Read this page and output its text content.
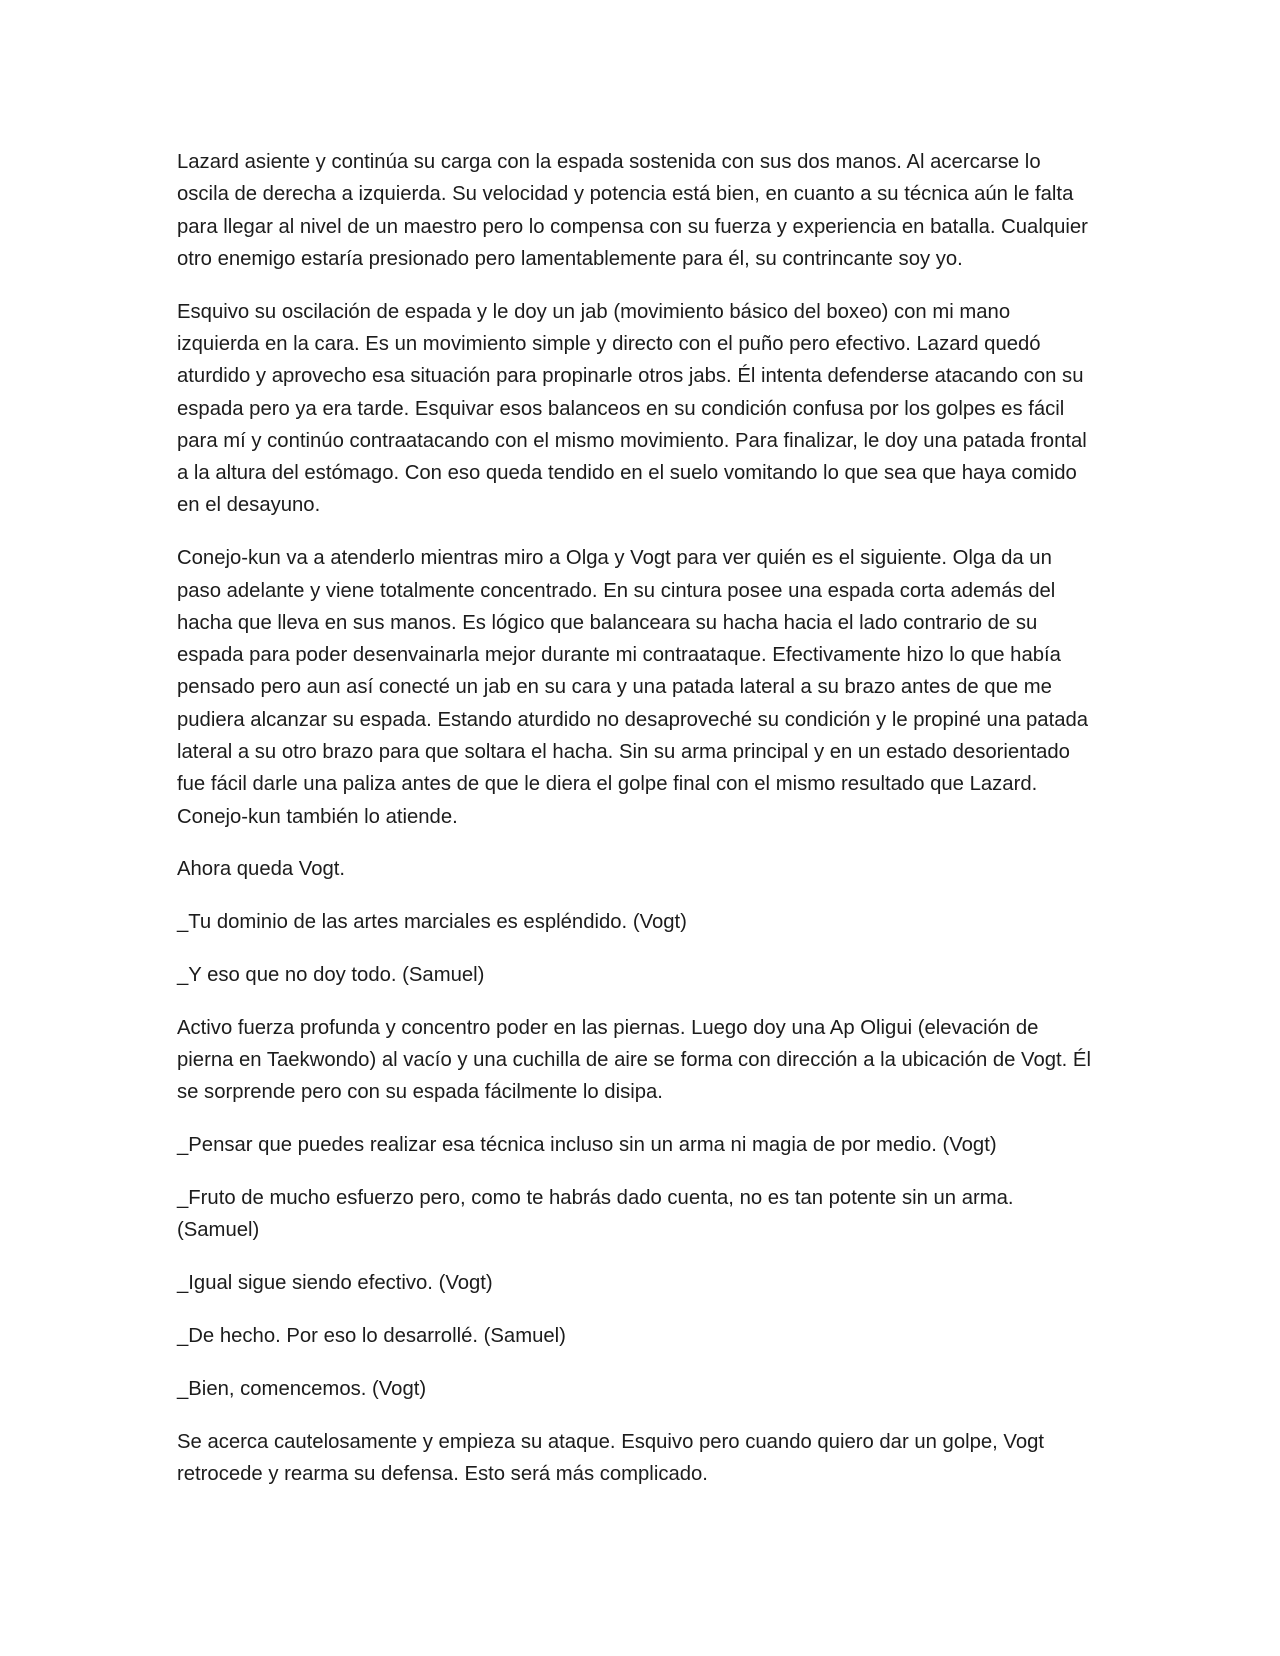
Lazard asiente y continúa su carga con la espada sostenida con sus dos manos. Al acercarse lo oscila de derecha a izquierda. Su velocidad y potencia está bien, en cuanto a su técnica aún le falta para llegar al nivel de un maestro pero lo compensa con su fuerza y experiencia en batalla. Cualquier otro enemigo estaría presionado pero lamentablemente para él, su contrincante soy yo.

Esquivo su oscilación de espada y le doy un jab (movimiento básico del boxeo) con mi mano izquierda en la cara. Es un movimiento simple y directo con el puño pero efectivo. Lazard quedó aturdido y aprovecho esa situación para propinarle otros jabs. Él intenta defenderse atacando con su espada pero ya era tarde. Esquivar esos balanceos en su condición confusa por los golpes es fácil para mí y continúo contraatacando con el mismo movimiento. Para finalizar, le doy una patada frontal a la altura del estómago. Con eso queda tendido en el suelo vomitando lo que sea que haya comido en el desayuno.

Conejo-kun va a atenderlo mientras miro a Olga y Vogt para ver quién es el siguiente. Olga da un paso adelante y viene totalmente concentrado. En su cintura posee una espada corta además del hacha que lleva en sus manos. Es lógico que balanceara su hacha hacia el lado contrario de su espada para poder desenvainarla mejor durante mi contraataque. Efectivamente hizo lo que había pensado pero aun así conecté un jab en su cara y una patada lateral a su brazo antes de que me pudiera alcanzar su espada. Estando aturdido no desaproveché su condición y le propiné una patada lateral a su otro brazo para que soltara el hacha. Sin su arma principal y en un estado desorientado fue fácil darle una paliza antes de que le diera el golpe final con el mismo resultado que Lazard. Conejo-kun también lo atiende.

Ahora queda Vogt.

_Tu dominio de las artes marciales es espléndido. (Vogt)

_Y eso que no doy todo. (Samuel)

Activo fuerza profunda y concentro poder en las piernas. Luego doy una Ap Oligui (elevación de pierna en Taekwondo) al vacío y una cuchilla de aire se forma con dirección a la ubicación de Vogt. Él se sorprende pero con su espada fácilmente lo disipa.

_Pensar que puedes realizar esa técnica incluso sin un arma ni magia de por medio. (Vogt)

_Fruto de mucho esfuerzo pero, como te habrás dado cuenta, no es tan potente sin un arma. (Samuel)

_Igual sigue siendo efectivo. (Vogt)

_De hecho. Por eso lo desarrollé. (Samuel)

_Bien, comencemos. (Vogt)

Se acerca cautelosamente y empieza su ataque. Esquivo pero cuando quiero dar un golpe, Vogt retrocede y rearma su defensa. Esto será más complicado.
